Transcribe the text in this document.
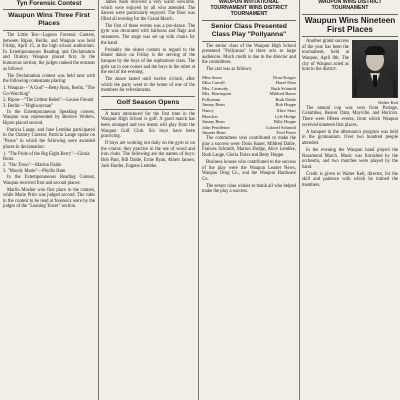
Tyn Forensic Contest
Waupun Wins Three First Places

The Little Ten—Lagoon Forensic Contest, between Ripon, Berlin, and Waupun was held Friday, April 15, at the high school auditorium. In Extemporaneous Reading and Declamation and Oratory Waupun placed first. In the humorous section, the judges ranked the entrants as follows:

The Declamation contest was held next with the following contestants placing:

1. Waupun—"A God"—Betty Ross, Berlin, "The Go-Watching"
2. Ripon—"The Littlest Rebel"—Louise Freund
3. Berlin—"Highwayman"

In the Extemporaneous Speaking contest, Waupun was represented by Bernice Wolters, Ripon placed second.

Patricia Lange, and June Lembke participated in the Oratory Contest. Patricia Lange spoke on "Peace" in which the following were awarded places in declamation:

1. "The Pride of the Big Eight Berry"—Gloria Buiss
2. "Our Town"—Marion Dahle
3. "Moody Marie"—Phyllis Ham

In the Extemporaneous Reading Contest, Waupun received first and second places:

Marlin Mosher won first place in the contest, while Marie Prim was judged second. The rules in the contest to be read at forensics were by the judges of the "Leaning Tower" section.

James Nash received a very warm welcome, which were enjoyed by all who attended. The dances were particularly enjoyed. The floor was filled all evening for the Grand March.

The first of these events was a pro-dance. The gym was decorated with balloons and flags and streamers. The stage was set up with chairs for the band.

Probably the oldest custom in regard to the dinner dance on Friday is the serving of the banquet by the boys of the sophomore class. The girls sat in one corner and the boys in the other at the end of the evening.

The dance lasted until twelve o'clock, after which the party went to the home of one of the members for refreshments.

Golf Season Opens

A team introduced for the first time in the Waupun High School is golf. A good match has been arranged and two teams will play from the Waupun Golf Club. Six boys have been practicing.

If boys are working out daily on the gym or on the course, they practice in the use of wood and iron clubs. The following are the names of boys: Bob Paul, Bill Dahle, Ernie Ryan, Albert Jansen, Jack Harder, Eugene Lembke.

WAUPUN INVITATIONAL TOURNAMENT WINS DISTRICT TOURNAMENT
Senior Class Presented Class Play "Pollyanna"

The senior class of the Waupun High School presented "Pollyanna" in three acts to large audiences. Much credit is due to the director and the committees.

The cast was as follows:

Miss Snow	Dora Kruger
Miss Carroll	Hazel Dear
Mrs. Carmody	Ruth Schmidt
Mrs. Harrington	Mildred Bauer
Pollyanna	Ruth Dahle
Jimmy Bean	Bob Hoppe
Nancy	Alice Starr
Bleecker	Lyle Hodge
Jimmy Bean	Billy Hoppe
John Pendleton	Colonel Schmidt
Jimmie Bean	Fred Fister

The committees who contributed to make the play a success were: Doris Bauer, Mildred Dahle, Frances Schmidt, Marion Hodge, Alice Lembke, Ruth Lange, Gloria Fister and Betty Hoppe.

Business houses who contributed to the success of the play were the Waupun Leader News, Waupun Drug Co., and the Waupun Hardware Co.

The senior class wishes to thank all who helped make the play a success.

WAUPUN WINS DISTRICT TOURNAMENT
Waupun Wins Nineteen First Places

Another grand success of the year has been the tournament, held at Waupun, April 8th. The city of Waupun acted as host to the district.

Walter Keil

The annual cup was won from Portage, Columbus, Beaver Dam, Mayville, and Horicon. There were fifteen events, from which Waupun received nineteen first places.

A banquet in the afternoon's program was held in the gymnasium. Over two hundred people attended.

In the evening the Waupun band played the Rosamund March. Music was furnished by the orchestra, and two marches were played by the band.

Credit is given to Walter Keil, director, for the skill and patience with which he trained the members.
